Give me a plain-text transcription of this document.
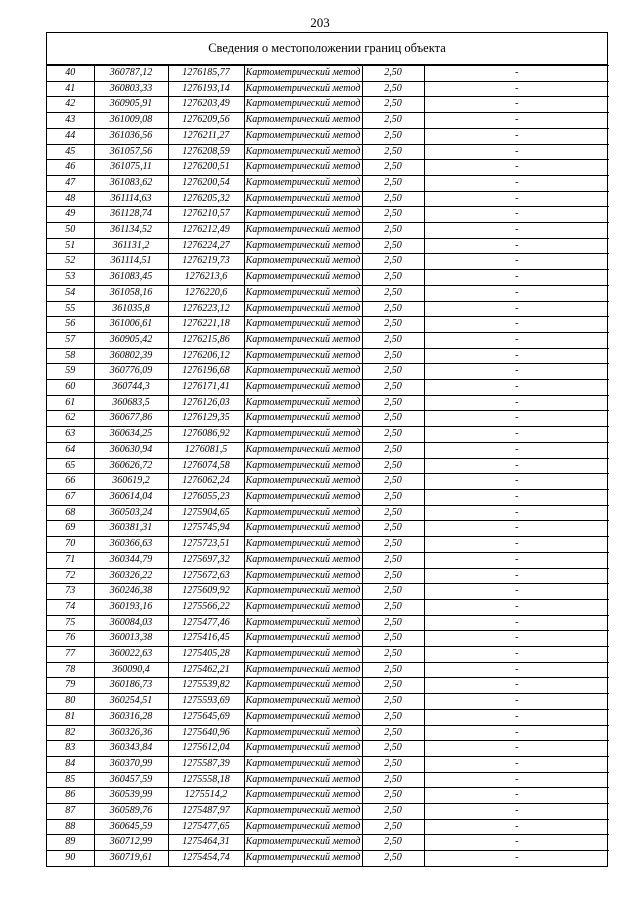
203
Сведения о местоположении границ объекта
40	360787,12	1276185,77	Картометрический метод	2,50	-
41	360803,33	1276193,14	Картометрический метод	2,50	-
42	360905,91	1276203,49	Картометрический метод	2,50	-
43	361009,08	1276209,56	Картометрический метод	2,50	-
44	361036,56	1276211,27	Картометрический метод	2,50	-
45	361057,56	1276208,59	Картометрический метод	2,50	-
46	361075,11	1276200,51	Картометрический метод	2,50	-
47	361083,62	1276200,54	Картометрический метод	2,50	-
48	361114,63	1276205,32	Картометрический метод	2,50	-
49	361128,74	1276210,57	Картометрический метод	2,50	-
50	361134,52	1276212,49	Картометрический метод	2,50	-
51	361131,2	1276224,27	Картометрический метод	2,50	-
52	361114,51	1276219,73	Картометрический метод	2,50	-
53	361083,45	1276213,6	Картометрический метод	2,50	-
54	361058,16	1276220,6	Картометрический метод	2,50	-
55	361035,8	1276223,12	Картометрический метод	2,50	-
56	361006,61	1276221,18	Картометрический метод	2,50	-
57	360905,42	1276215,86	Картометрический метод	2,50	-
58	360802,39	1276206,12	Картометрический метод	2,50	-
59	360776,09	1276196,68	Картометрический метод	2,50	-
60	360744,3	1276171,41	Картометрический метод	2,50	-
61	360683,5	1276126,03	Картометрический метод	2,50	-
62	360677,86	1276129,35	Картометрический метод	2,50	-
63	360634,25	1276086,92	Картометрический метод	2,50	-
64	360630,94	1276081,5	Картометрический метод	2,50	-
65	360626,72	1276074,58	Картометрический метод	2,50	-
66	360619,2	1276062,24	Картометрический метод	2,50	-
67	360614,04	1276055,23	Картометрический метод	2,50	-
68	360503,24	1275904,65	Картометрический метод	2,50	-
69	360381,31	1275745,94	Картометрический метод	2,50	-
70	360366,63	1275723,51	Картометрический метод	2,50	-
71	360344,79	1275697,32	Картометрический метод	2,50	-
72	360326,22	1275672,63	Картометрический метод	2,50	-
73	360246,38	1275609,92	Картометрический метод	2,50	-
74	360193,16	1275566,22	Картометрический метод	2,50	-
75	360084,03	1275477,46	Картометрический метод	2,50	-
76	360013,38	1275416,45	Картометрический метод	2,50	-
77	360022,63	1275405,28	Картометрический метод	2,50	-
78	360090,4	1275462,21	Картометрический метод	2,50	-
79	360186,73	1275539,82	Картометрический метод	2,50	-
80	360254,51	1275593,69	Картометрический метод	2,50	-
81	360316,28	1275645,69	Картометрический метод	2,50	-
82	360326,36	1275640,96	Картометрический метод	2,50	-
83	360343,84	1275612,04	Картометрический метод	2,50	-
84	360370,99	1275587,39	Картометрический метод	2,50	-
85	360457,59	1275558,18	Картометрический метод	2,50	-
86	360539,99	1275514,2	Картометрический метод	2,50	-
87	360589,76	1275487,97	Картометрический метод	2,50	-
88	360645,59	1275477,65	Картометрический метод	2,50	-
89	360712,99	1275464,31	Картометрический метод	2,50	-
90	360719,61	1275454,74	Картометрический метод	2,50	-
